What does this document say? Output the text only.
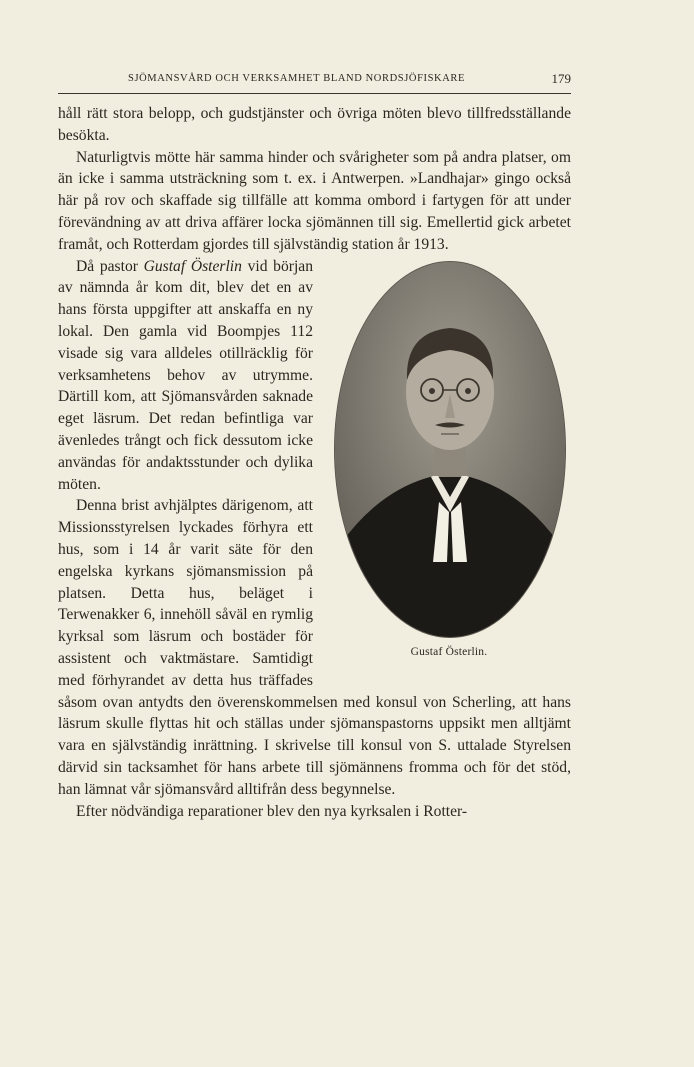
SJÖMANSVÅRD OCH VERKSAMHET BLAND NORDSJÖFISKARE	179

håll rätt stora belopp, och gudstjänster och övriga möten blevo tillfredsställande besökta.

Naturligtvis mötte här samma hinder och svårigheter som på andra platser, om än icke i samma utsträckning som t. ex. i Antwerpen. »Landhajar» gingo också här på rov och skaffade sig tillfälle att komma ombord i fartygen för att under förevändning av att driva affärer locka sjömännen till sig. Emellertid gick arbetet framåt, och Rotterdam gjordes till självständig station år 1913.

Gustaf Österlin.

Då pastor Gustaf Österlin vid början av nämnda år kom dit, blev det en av hans första uppgifter att anskaffa en ny lokal. Den gamla vid Boompjes 112 visade sig vara alldeles otillräcklig för verksamhetens behov av utrymme. Därtill kom, att Sjömansvården saknade eget läsrum. Det redan befintliga var ävenledes trångt och fick dessutom icke användas för andaktsstunder och dylika möten.

Denna brist avhjälptes därigenom, att Missionsstyrelsen lyckades förhyra ett hus, som i 14 år varit säte för den engelska kyrkans sjömansmission på platsen. Detta hus, beläget i Terwenakker 6, innehöll såväl en rymlig kyrksal som läsrum och bostäder för assistent och vaktmästare. Samtidigt med förhyrandet av detta hus träffades såsom ovan antydts den överenskommelsen med konsul von Scherling, att hans läsrum skulle flyttas hit och ställas under sjömanspastorns uppsikt men alltjämt vara en självständig inrättning. I skrivelse till konsul von S. uttalade Styrelsen därvid sin tacksamhet för hans arbete till sjömännens fromma och för det stöd, han lämnat vår sjömansvård alltifrån dess begynnelse.

Efter nödvändiga reparationer blev den nya kyrksalen i Rotter-
